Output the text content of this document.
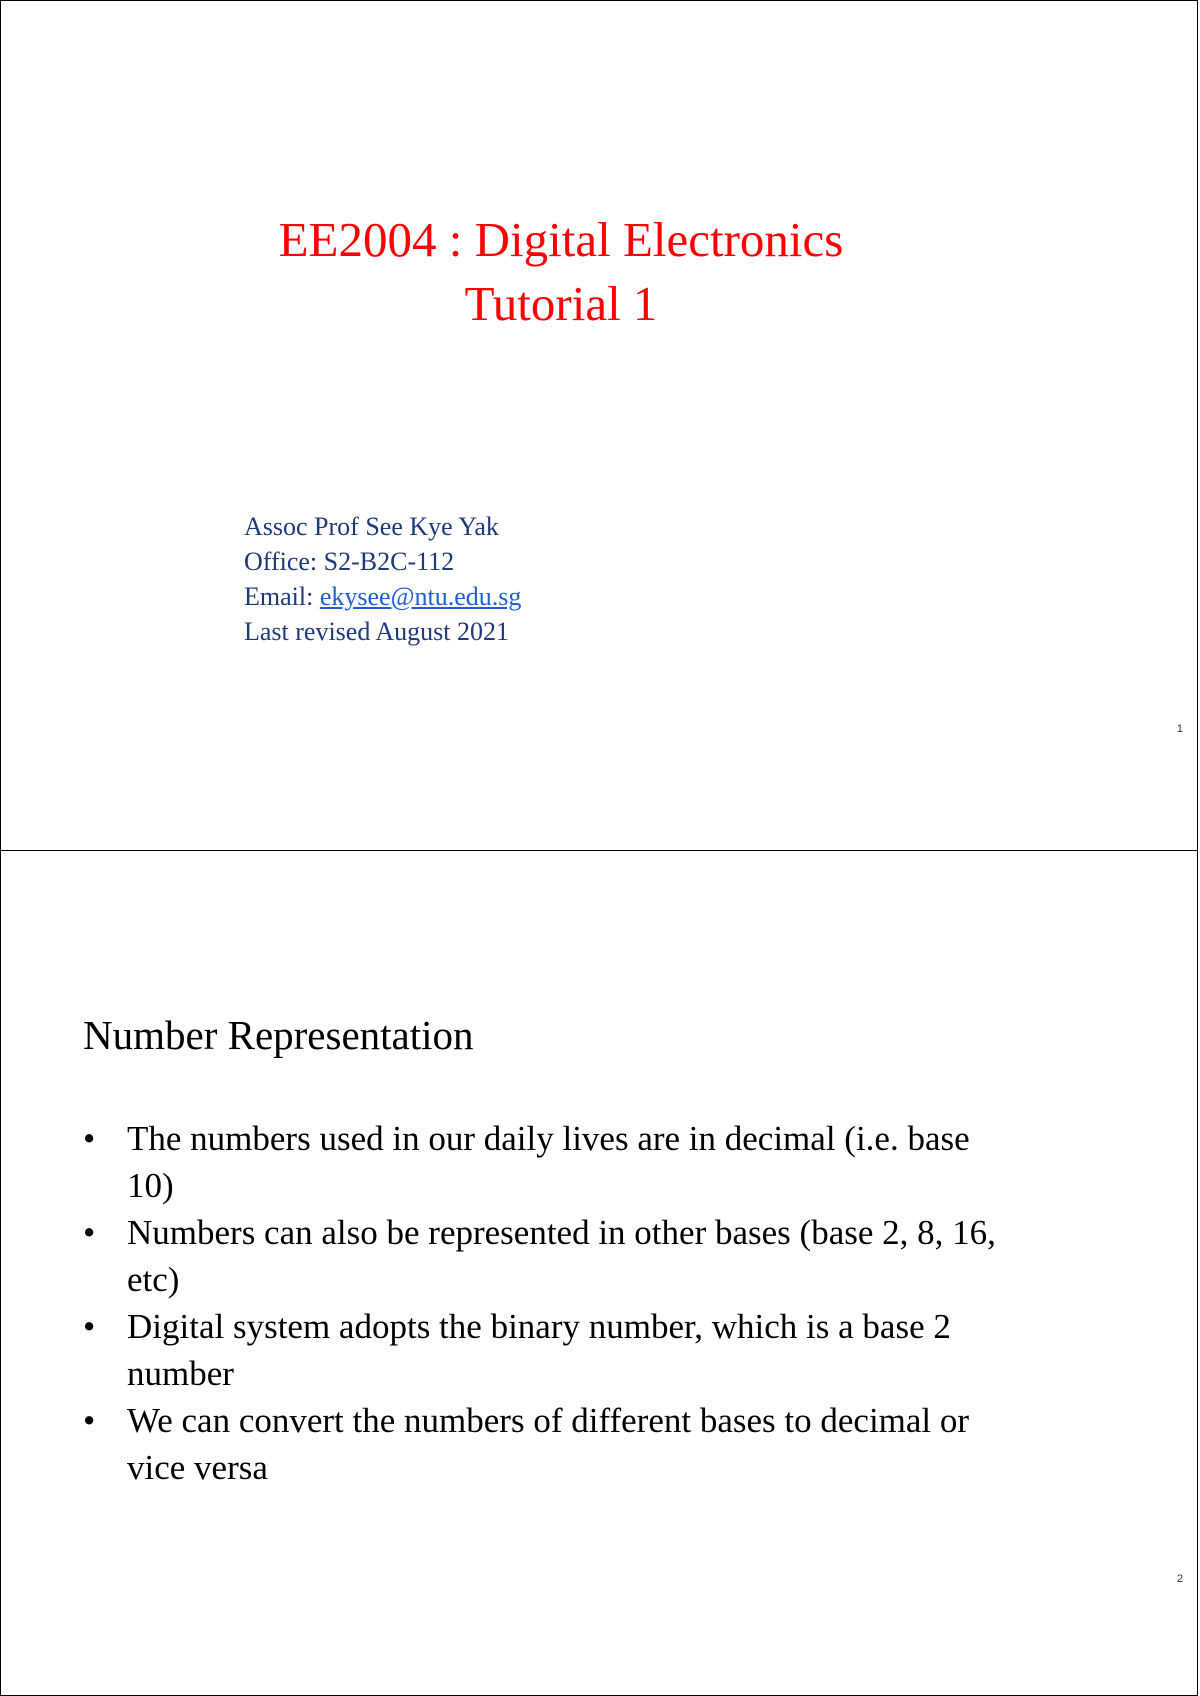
EE2004 : Digital Electronics
Tutorial 1
Assoc Prof See Kye Yak
Office: S2-B2C-112
Email: ekysee@ntu.edu.sg
Last revised August 2021
1
Number Representation
• The numbers used in our daily lives are in decimal (i.e. base
10)
• Numbers can also be represented in other bases (base 2, 8, 16,
etc)
• Digital system adopts the binary number, which is a base 2
number
• We can convert the numbers of different bases to decimal or
vice versa
2
